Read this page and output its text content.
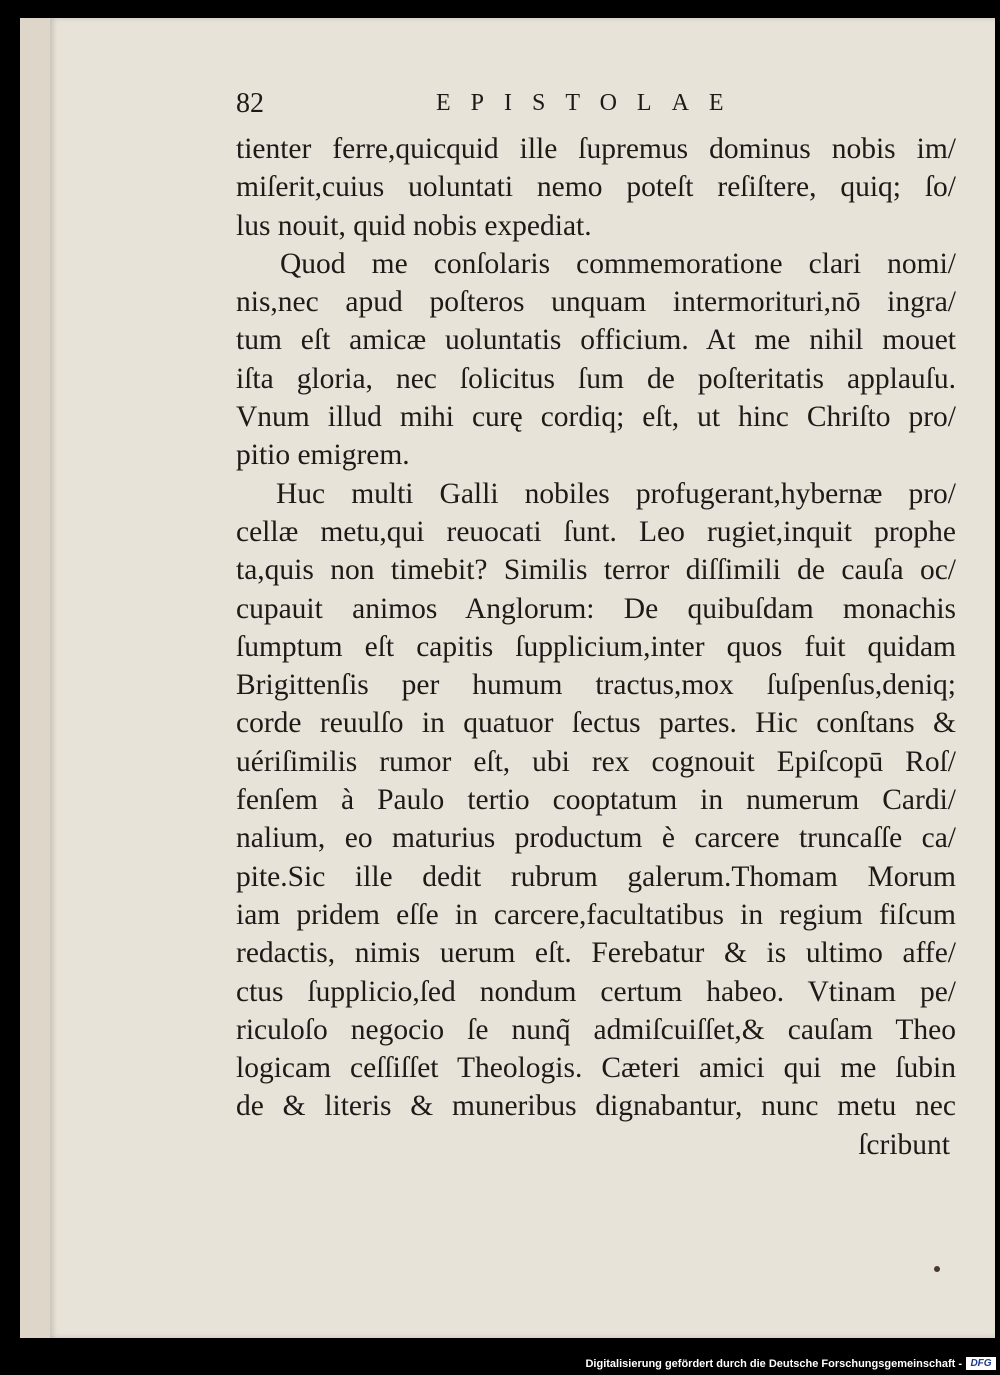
82	EPISTOLAE
tienter ferre,quicquid ille ſupremus dominus nobis im/
miſerit,cuius uoluntati nemo poteſt reſiſtere, quiq; ſo/
lus nouit, quid nobis expediat.
Quod me conſolaris commemoratione clari nomi/
nis,nec apud poſteros unquam intermorituri,nō ingra/
tum eſt amicæ uoluntatis officium. At me nihil mouet
iſta gloria, nec ſolicitus ſum de poſteritatis applauſu.
Vnum illud mihi curę cordiq; eſt, ut hinc Chriſto pro/
pitio emigrem.
Huc multi Galli nobiles profugerant,hybernæ pro/
cellæ metu,qui reuocati ſunt. Leo rugiet,inquit prophe
ta,quis non timebit? Similis terror diſſimili de cauſa oc/
cupauit animos Anglorum: De quibuſdam monachis
ſumptum eſt capitis ſupplicium,inter quos fuit quidam
Brigittenſis per humum tractus,mox ſuſpenſus,deniq;
corde reuulſo in quatuor ſectus partes. Hic conſtans &
uériſimilis rumor eſt, ubi rex cognouit Epiſcopū Roſ/
fenſem à Paulo tertio cooptatum in numerum Cardi/
nalium, eo maturius productum è carcere truncaſſe ca/
pite.Sic ille dedit rubrum galerum.Thomam Morum
iam pridem eſſe in carcere,facultatibus in regium fiſcum
redactis, nimis uerum eſt. Ferebatur & is ultimo affe/
ctus ſupplicio,ſed nondum certum habeo. Vtinam pe/
riculoſo negocio ſe nunq̃ admiſcuiſſet,& cauſam Theo
logicam ceſſiſſet Theologis. Cæteri amici qui me ſubin
de & literis & muneribus dignabantur, nunc metu nec
ſcribunt
Digitalisierung gefördert durch die Deutsche Forschungsgemeinschaft - DFG
